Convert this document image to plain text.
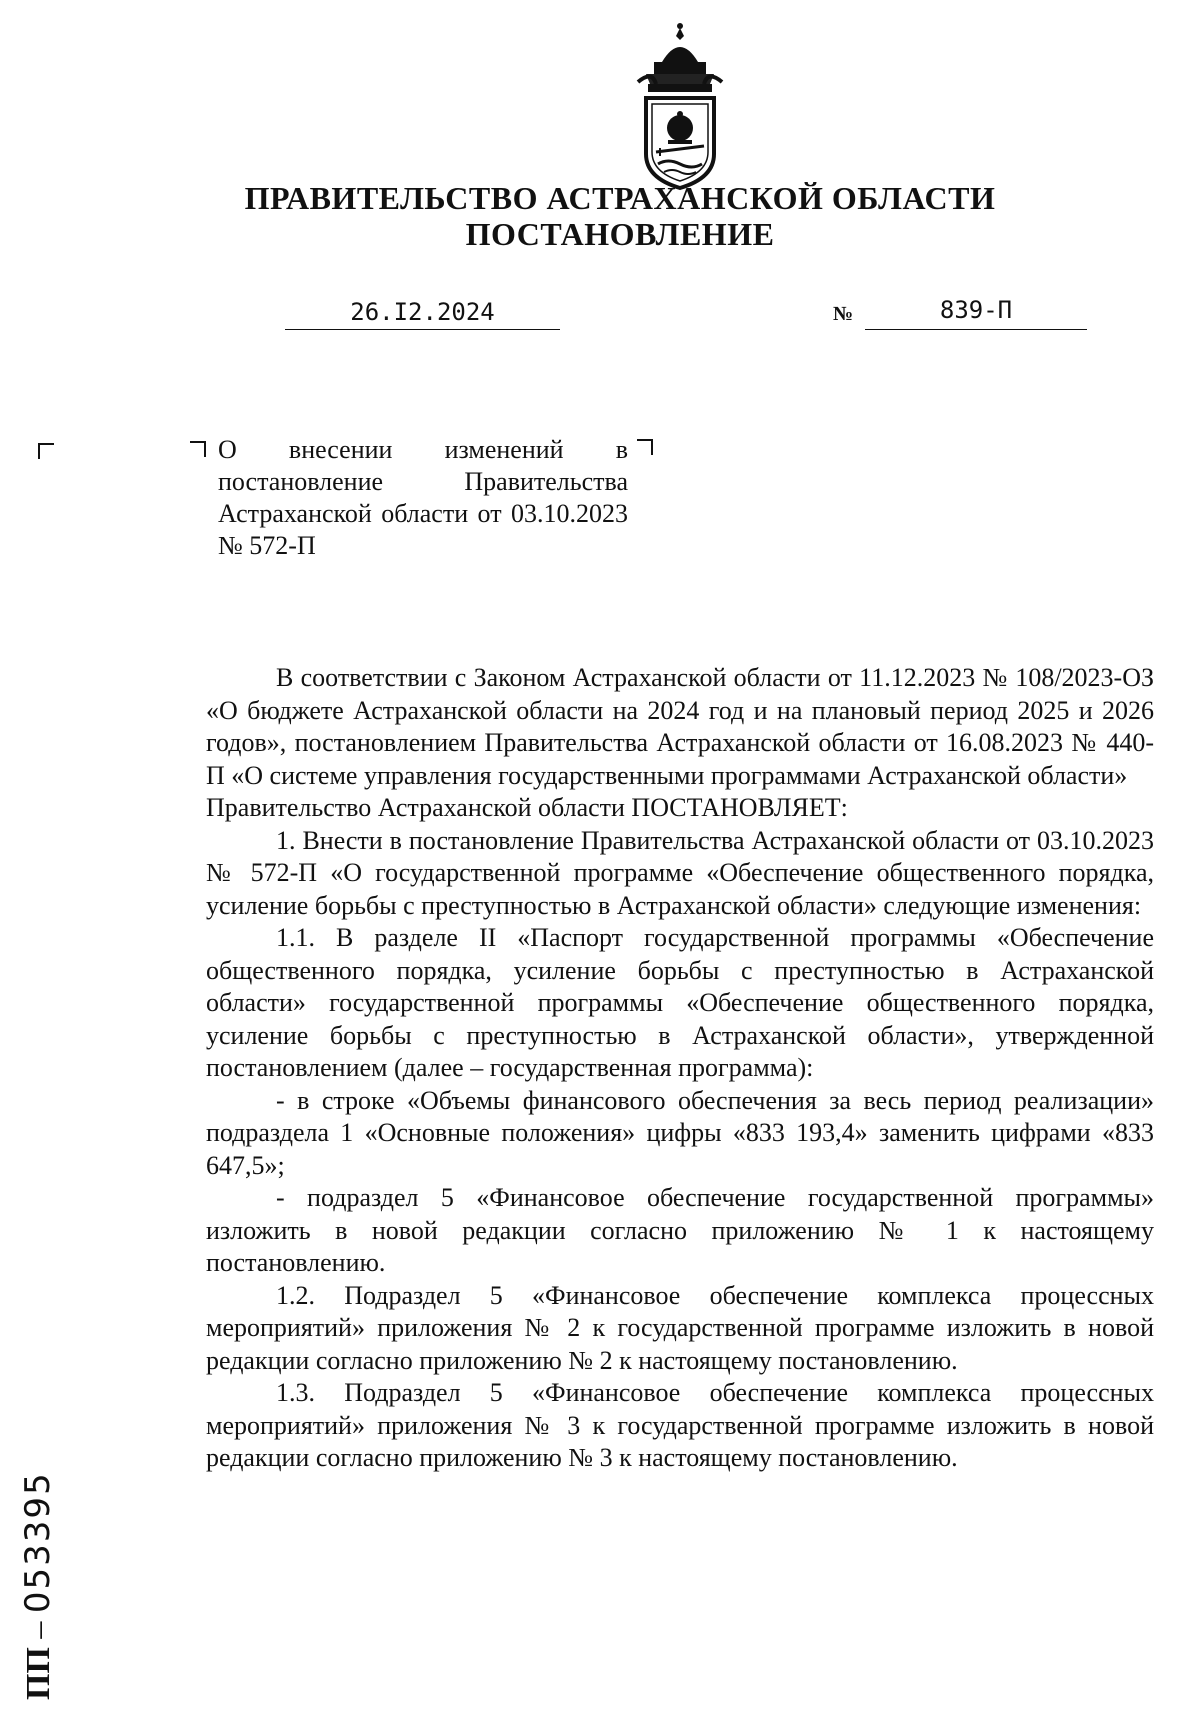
ПРАВИТЕЛЬСТВО АСТРАХАНСКОЙ ОБЛАСТИ
ПОСТАНОВЛЕНИЕ
26.I2.2024	№	839-П
О внесении изменений в постановление Правительства Астраханской области от 03.10.2023 № 572-П

В соответствии с Законом Астраханской области от 11.12.2023 № 108/2023-ОЗ «О бюджете Астраханской области на 2024 год и на плановый период 2025 и 2026 годов», постановлением Правительства Астраханской области от 16.08.2023 № 440-П «О системе управления государственными программами Астраханской области»

Правительство Астраханской области ПОСТАНОВЛЯЕТ:

1. Внести в постановление Правительства Астраханской области от 03.10.2023 № 572-П «О государственной программе «Обеспечение общественного порядка, усиление борьбы с преступностью в Астраханской области» следующие изменения:

1.1. В разделе II «Паспорт государственной программы «Обеспечение общественного порядка, усиление борьбы с преступностью в Астраханской области» государственной программы «Обеспечение общественного порядка, усиление борьбы с преступностью в Астраханской области», утвержденной постановлением (далее – государственная программа):

- в строке «Объемы финансового обеспечения за весь период реализации» подраздела 1 «Основные положения» цифры «833 193,4» заменить цифрами «833 647,5»;

- подраздел 5 «Финансовое обеспечение государственной программы» изложить в новой редакции согласно приложению № 1 к настоящему постановлению.

1.2. Подраздел 5 «Финансовое обеспечение комплекса процессных мероприятий» приложения № 2 к государственной программе изложить в новой редакции согласно приложению № 2 к настоящему постановлению.

1.3. Подраздел 5 «Финансовое обеспечение комплекса процессных мероприятий» приложения № 3 к государственной программе изложить в новой редакции согласно приложению № 3 к настоящему постановлению.

ПП – 053395
